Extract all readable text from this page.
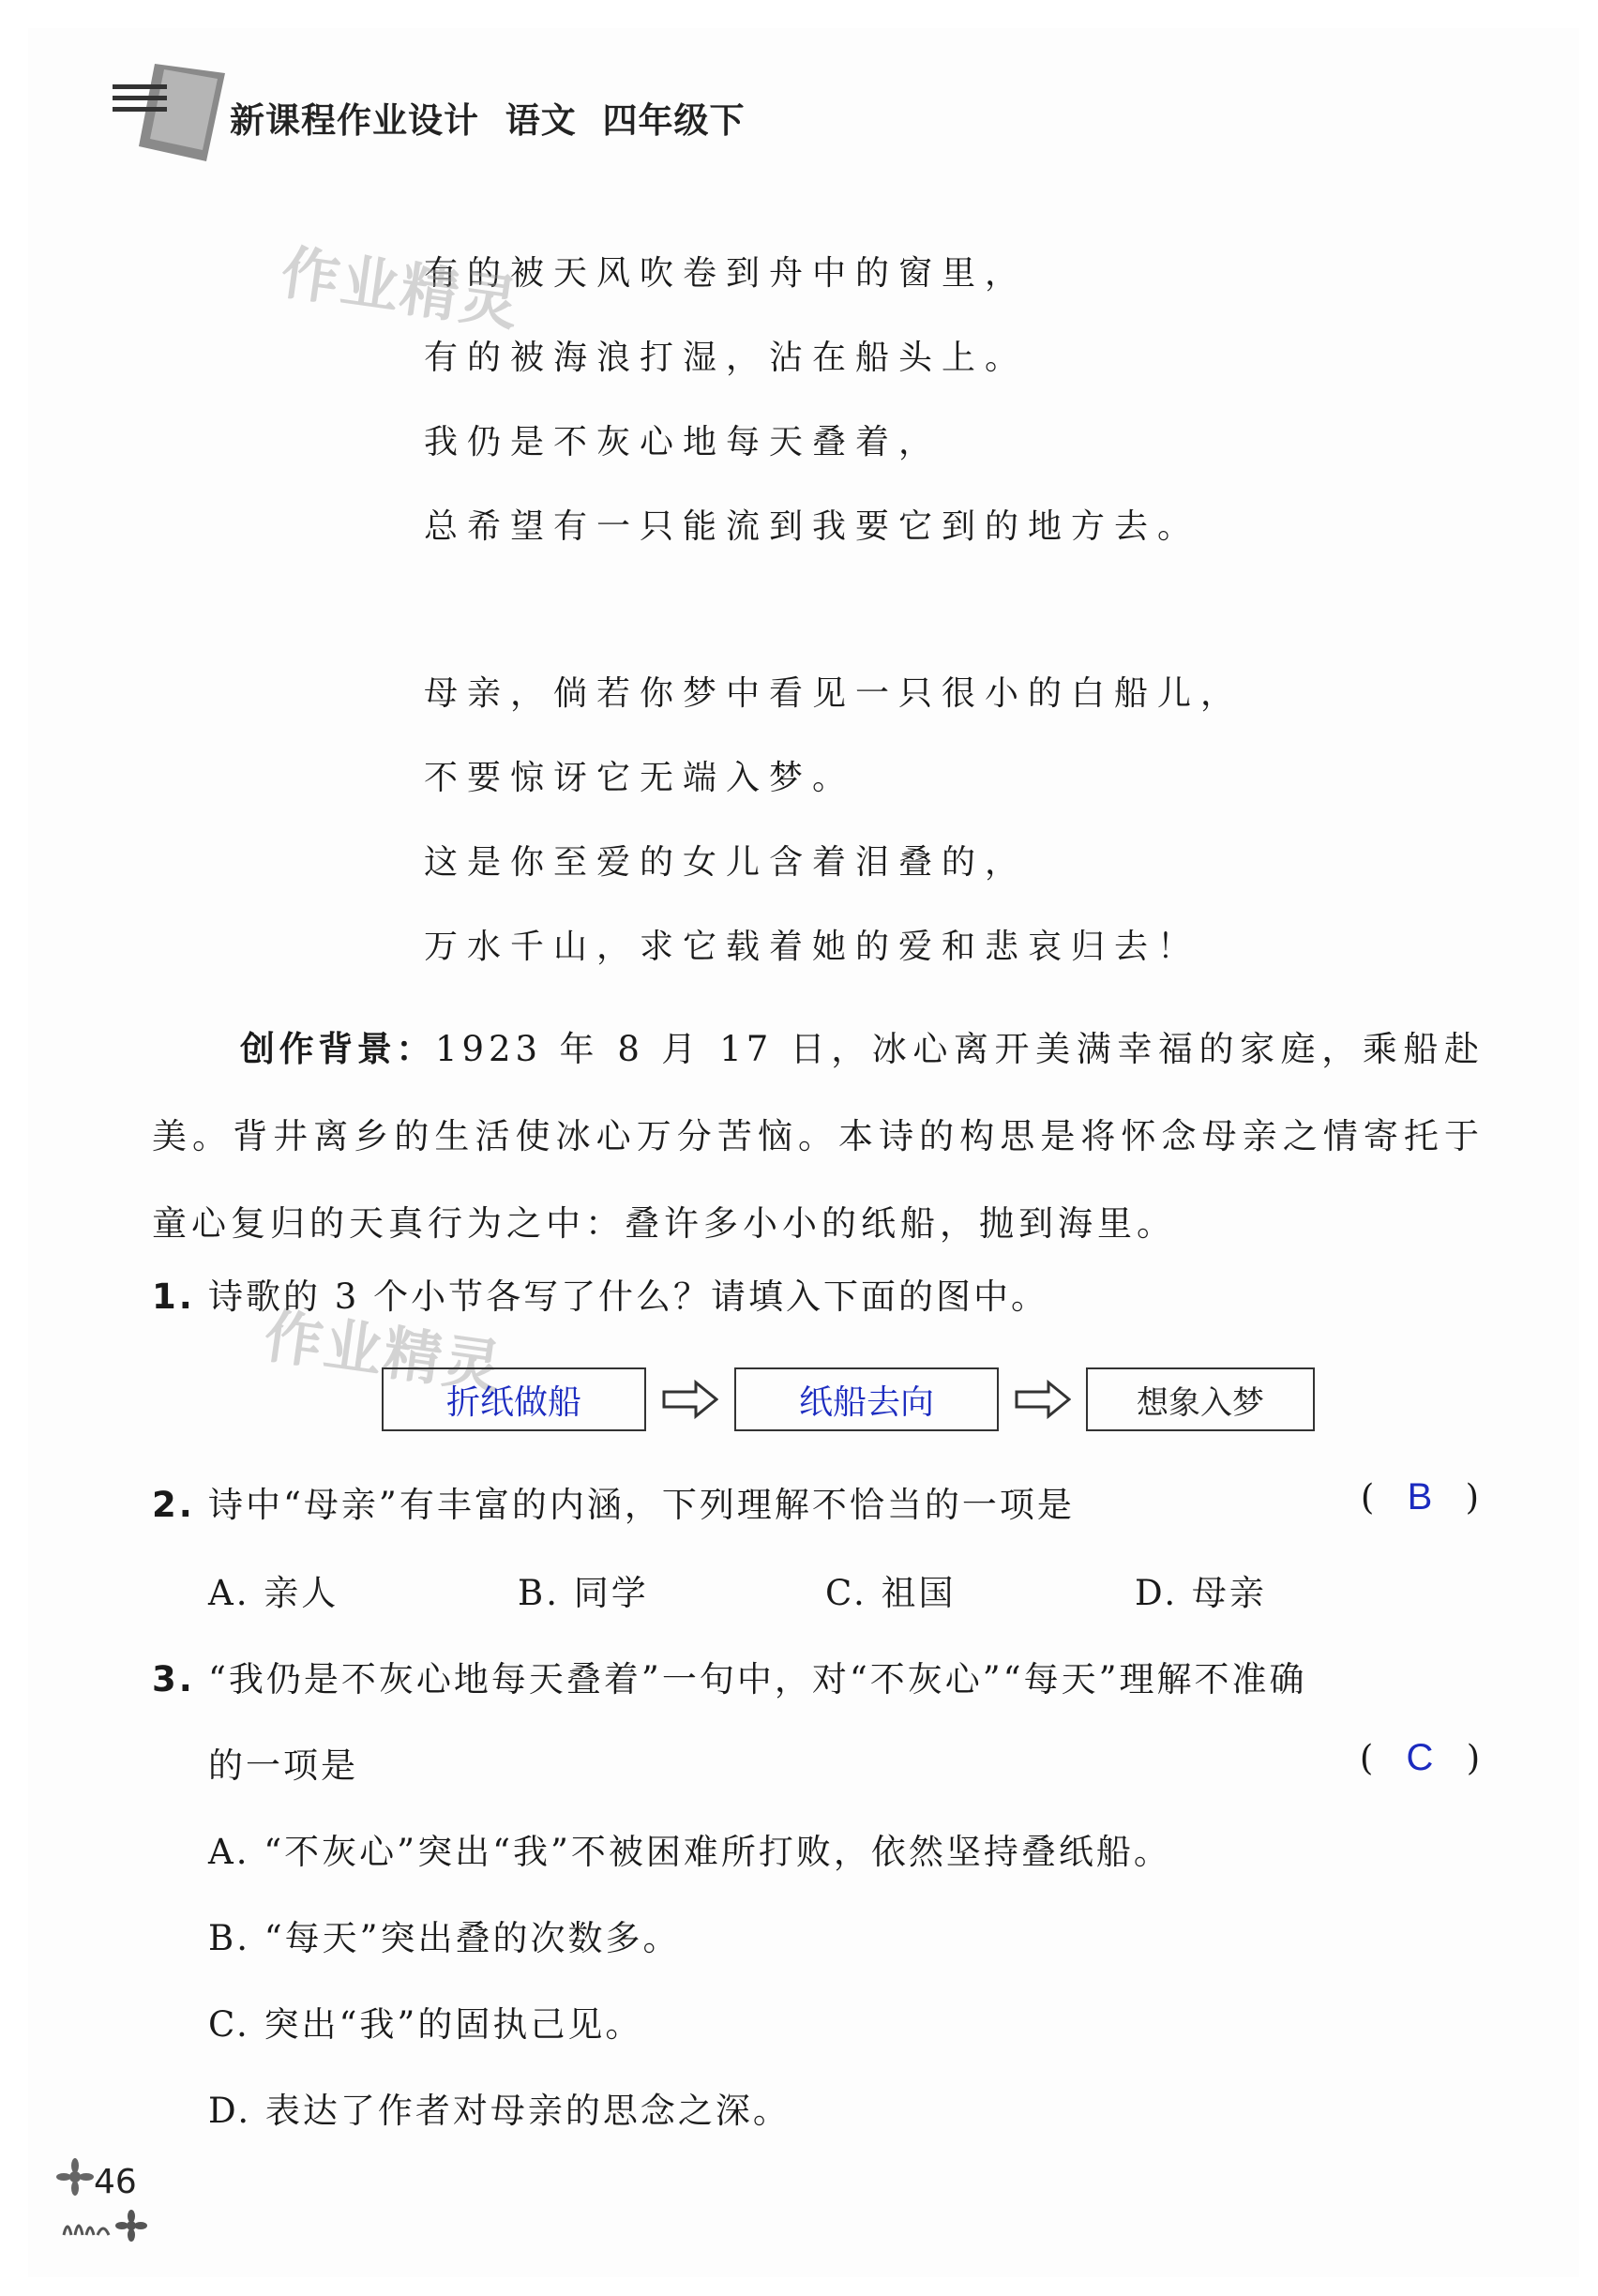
新课程作业设计  语文  四年级下
有的被天风吹卷到舟中的窗里，
有的被海浪打湿，沾在船头上。
我仍是不灰心地每天叠着，
总希望有一只能流到我要它到的地方去。
母亲，倘若你梦中看见一只很小的白船儿，
不要惊讶它无端入梦。
这是你至爱的女儿含着泪叠的，
万水千山，求它载着她的爱和悲哀归去！
作业精灵
作业精灵
创作背景：1923 年 8 月 17 日，冰心离开美满幸福的家庭，乘船赴美。背井离乡的生活使冰心万分苦恼。本诗的构思是将怀念母亲之情寄托于童心复归的天真行为之中：叠许多小小的纸船，抛到海里。
1. 诗歌的 3 个小节各写了什么？请填入下面的图中。
折纸做船	纸船去向	想象入梦
2. 诗中“母亲”有丰富的内涵，下列理解不恰当的一项是	( B )
A. 亲人	B. 同学	C. 祖国	D. 母亲
3. “我仍是不灰心地每天叠着”一句中，对“不灰心”“每天”理解不准确
的一项是	( C )
A. “不灰心”突出“我”不被困难所打败，依然坚持叠纸船。
B. “每天”突出叠的次数多。
C. 突出“我”的固执己见。
D. 表达了作者对母亲的思念之深。
46
